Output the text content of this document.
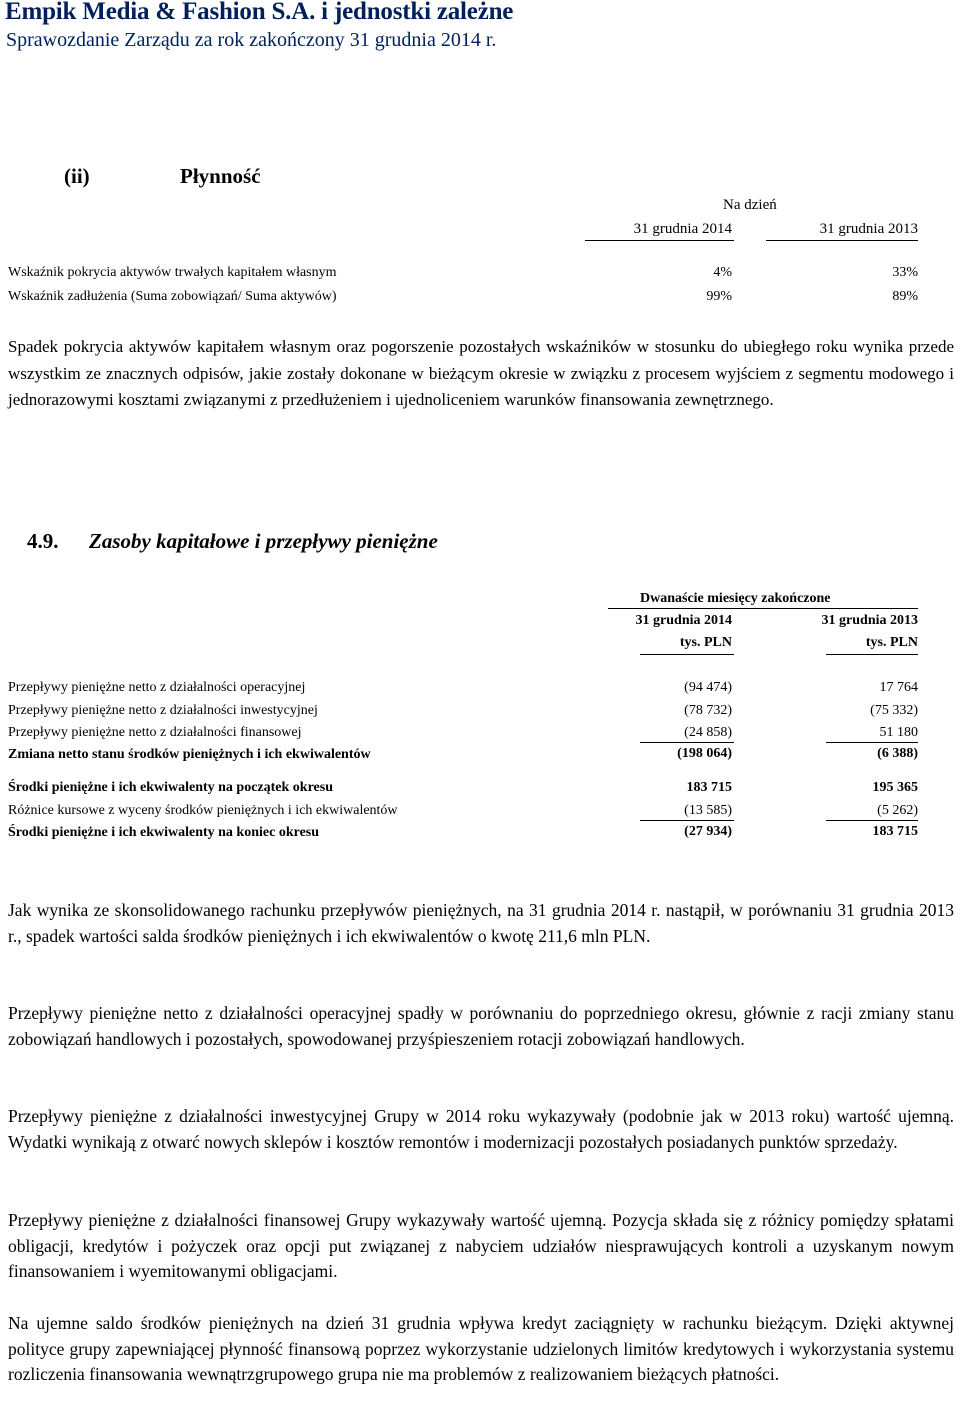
Empik Media & Fashion S.A. i jednostki zależne
Sprawozdanie Zarządu za rok zakończony 31 grudnia 2014 r.
(ii)	Płynność
Na dzień
31 grudnia 2014	31 grudnia 2013
Wskaźnik pokrycia aktywów trwałych kapitałem własnym	4%	33%
Wskaźnik zadłużenia (Suma zobowiązań/ Suma aktywów)	99%	89%
Spadek pokrycia aktywów kapitałem własnym oraz pogorszenie pozostałych wskaźników w stosunku do ubiegłego roku wynika przede wszystkim ze znacznych odpisów, jakie zostały dokonane w bieżącym okresie w związku z procesem wyjściem z segmentu modowego i jednorazowymi kosztami związanymi z przedłużeniem i ujednoliceniem warunków finansowania zewnętrznego.
4.9. Zasoby kapitałowe i przepływy pieniężne
Dwanaście miesięcy zakończone
31 grudnia 2014	31 grudnia 2013
tys. PLN	tys. PLN
Przepływy pieniężne netto z działalności operacyjnej	(94 474)	17 764
Przepływy pieniężne netto z działalności inwestycyjnej	(78 732)	(75 332)
Przepływy pieniężne netto z działalności finansowej	(24 858)	51 180
Zmiana netto stanu środków pieniężnych i ich ekwiwalentów	(198 064)	(6 388)
Środki pieniężne i ich ekwiwalenty na początek okresu	183 715	195 365
Różnice kursowe z wyceny środków pieniężnych i ich ekwiwalentów	(13 585)	(5 262)
Środki pieniężne i ich ekwiwalenty na koniec okresu	(27 934)	183 715
Jak wynika ze skonsolidowanego rachunku przepływów pieniężnych, na 31 grudnia 2014 r. nastąpił, w porównaniu 31 grudnia 2013 r., spadek wartości salda środków pieniężnych i ich ekwiwalentów o kwotę 211,6 mln PLN.
Przepływy pieniężne netto z działalności operacyjnej spadły w porównaniu do poprzedniego okresu, głównie z racji zmiany stanu zobowiązań handlowych i pozostałych, spowodowanej przyśpieszeniem rotacji zobowiązań handlowych.
Przepływy pieniężne z działalności inwestycyjnej Grupy w 2014 roku wykazywały (podobnie jak w 2013 roku) wartość ujemną. Wydatki wynikają z otwarć nowych sklepów i kosztów remontów i modernizacji pozostałych posiadanych punktów sprzedaży.
Przepływy pieniężne z działalności finansowej Grupy wykazywały wartość ujemną. Pozycja składa się z różnicy pomiędzy spłatami obligacji, kredytów i pożyczek oraz opcji put związanej z nabyciem udziałów niesprawujących kontroli a uzyskanym nowym finansowaniem i wyemitowanymi obligacjami.
Na ujemne saldo środków pieniężnych na dzień 31 grudnia wpływa kredyt zaciągnięty w rachunku bieżącym. Dzięki aktywnej polityce grupy zapewniającej płynność finansową poprzez wykorzystanie udzielonych limitów kredytowych i wykorzystania systemu rozliczenia finansowania wewnątrzgrupowego grupa nie ma problemów z realizowaniem bieżących płatności.
